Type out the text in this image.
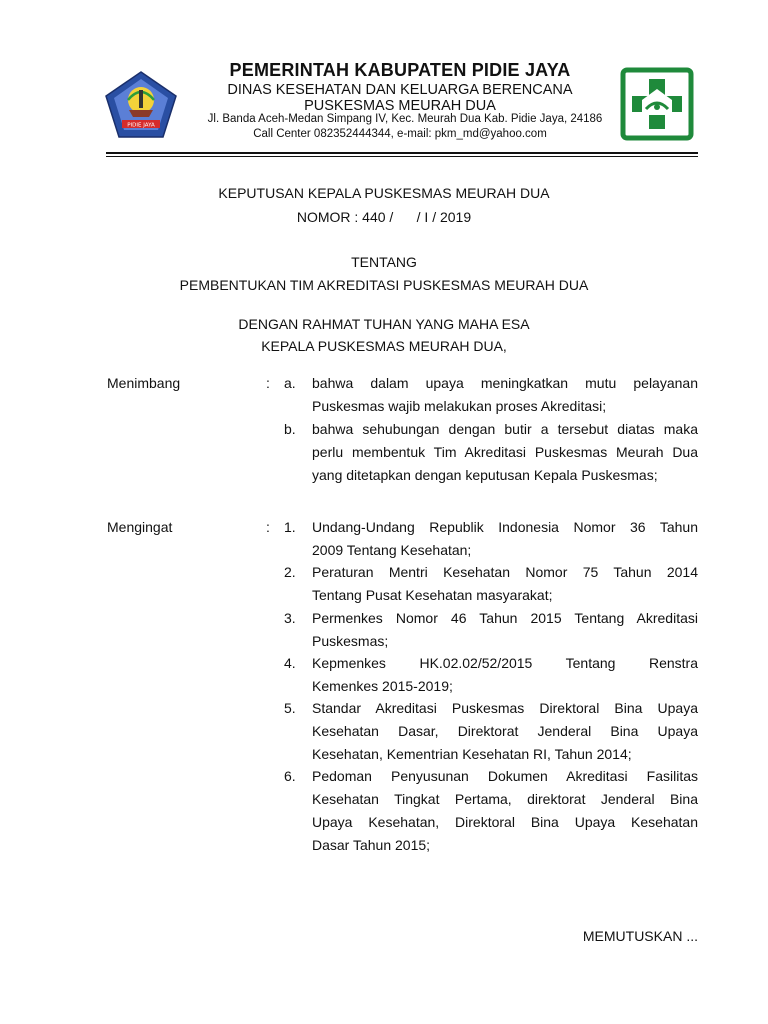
PIDIE JAYA
PEMERINTAH KABUPATEN PIDIE JAYA
DINAS KESEHATAN DAN KELUARGA BERENCANA
PUSKESMAS MEURAH DUA
Jl. Banda Aceh-Medan Simpang IV, Kec. Meurah Dua Kab. Pidie Jaya, 24186
Call Center 082352444344, e-mail: pkm_md@yahoo.com
KEPUTUSAN KEPALA PUSKESMAS MEURAH DUA
NOMOR : 440 /      / I / 2019
TENTANG
PEMBENTUKAN TIM AKREDITASI PUSKESMAS MEURAH DUA
DENGAN RAHMAT TUHAN YANG MAHA ESA
KEPALA PUSKESMAS MEURAH DUA,
Menimbang	: a.	bahwa dalam upaya meningkatkan mutu pelayanan
Puskesmas wajib melakukan proses Akreditasi;
b.	bahwa sehubungan dengan butir a tersebut diatas maka
perlu membentuk Tim Akreditasi Puskesmas Meurah Dua
yang ditetapkan dengan keputusan Kepala Puskesmas;
Mengingat	: 1.	Undang-Undang Republik Indonesia Nomor 36 Tahun
2009 Tentang Kesehatan;
2.	Peraturan Mentri Kesehatan Nomor 75 Tahun 2014
Tentang Pusat Kesehatan masyarakat;
3.	Permenkes Nomor 46 Tahun 2015 Tentang Akreditasi
Puskesmas;
4.	Kepmenkes       HK.02.02/52/2015       Tentang       Renstra
Kemenkes 2015-2019;
5.	Standar Akreditasi Puskesmas Direktoral Bina Upaya
Kesehatan Dasar, Direktorat Jenderal Bina Upaya
Kesehatan, Kementrian Kesehatan RI, Tahun 2014;
6.	Pedoman Penyusunan Dokumen Akreditasi Fasilitas
Kesehatan Tingkat Pertama, direktorat Jenderal Bina
Upaya Kesehatan, Direktoral Bina Upaya Kesehatan
Dasar Tahun 2015;
MEMUTUSKAN ...
